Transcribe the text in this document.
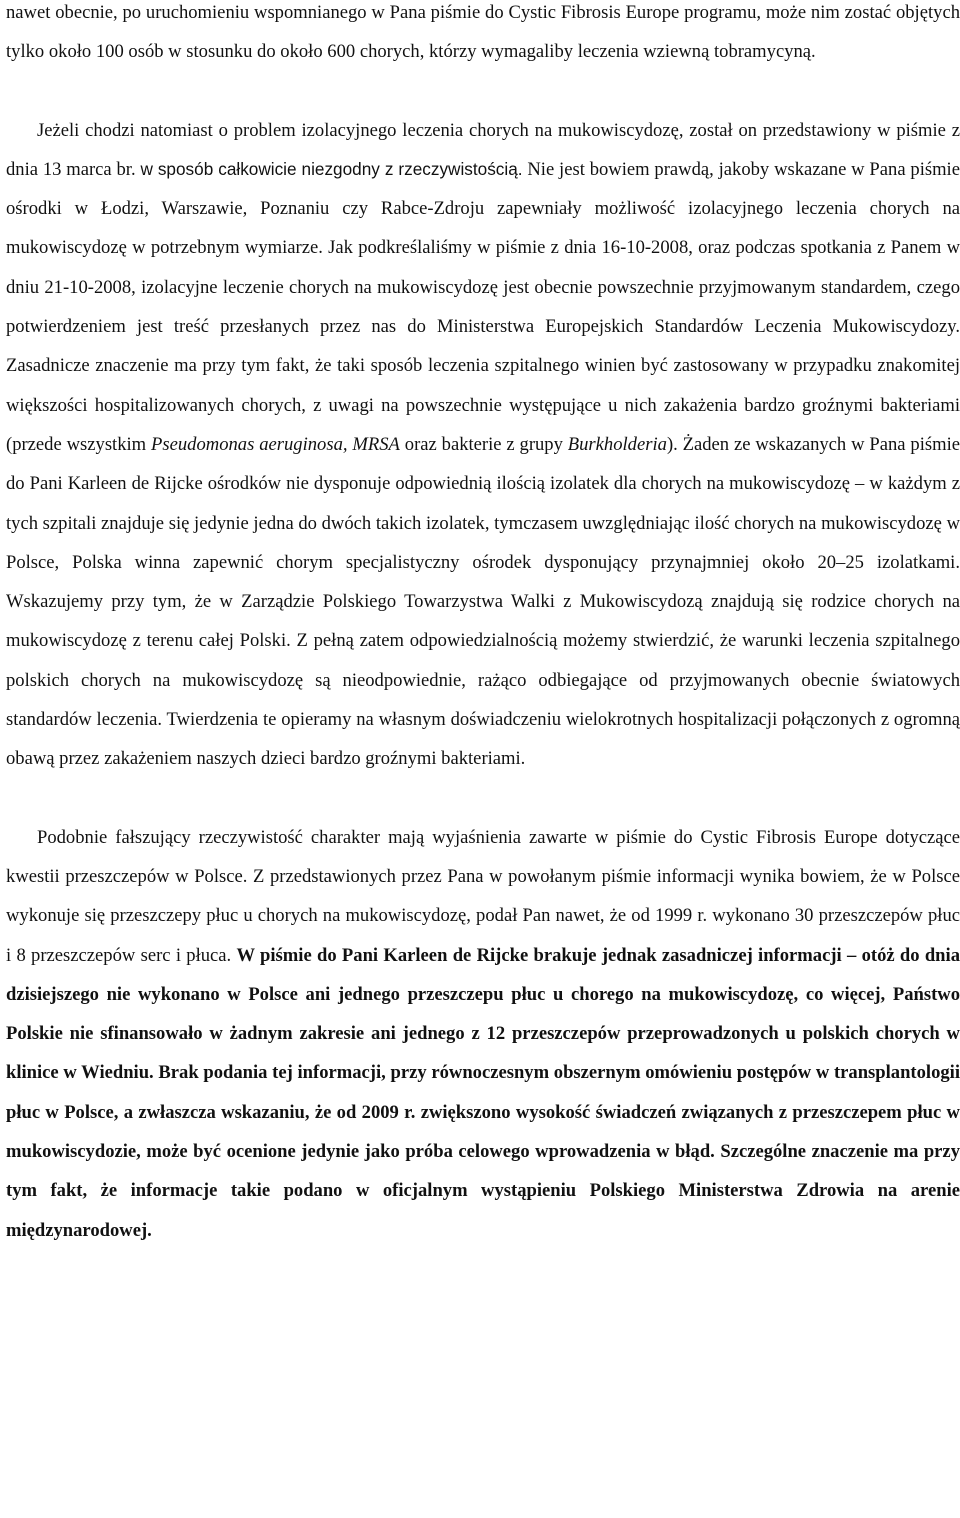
nawet obecnie, po uruchomieniu wspomnianego w Pana piśmie do Cystic Fibrosis Europe programu, może nim zostać objętych tylko około 100 osób w stosunku do około 600 chorych, którzy wymagaliby leczenia wziewną tobramycyną.

Jeżeli chodzi natomiast o problem izolacyjnego leczenia chorych na mukowiscydozę, został on przedstawiony w piśmie z dnia 13 marca br. w sposób całkowicie niezgodny z rzeczywistością. Nie jest bowiem prawdą, jakoby wskazane w Pana piśmie ośrodki w Łodzi, Warszawie, Poznaniu czy Rabce-Zdroju zapewniały możliwość izolacyjnego leczenia chorych na mukowiscydozę w potrzebnym wymiarze. Jak podkreślaliśmy w piśmie z dnia 16-10-2008, oraz podczas spotkania z Panem w dniu 21-10-2008, izolacyjne leczenie chorych na mukowiscydozę jest obecnie powszechnie przyjmowanym standardem, czego potwierdzeniem jest treść przesłanych przez nas do Ministerstwa Europejskich Standardów Leczenia Mukowiscydozy. Zasadnicze znaczenie ma przy tym fakt, że taki sposób leczenia szpitalnego winien być zastosowany w przypadku znakomitej większości hospitalizowanych chorych, z uwagi na powszechnie występujące u nich zakażenia bardzo groźnymi bakteriami (przede wszystkim Pseudomonas aeruginosa, MRSA oraz bakterie z grupy Burkholderia). Żaden ze wskazanych w Pana piśmie do Pani Karleen de Rijcke ośrodków nie dysponuje odpowiednią ilością izolatek dla chorych na mukowiscydozę – w każdym z tych szpitali znajduje się jedynie jedna do dwóch takich izolatek, tymczasem uwzględniając ilość chorych na mukowiscydozę w Polsce, Polska winna zapewnić chorym specjalistyczny ośrodek dysponujący przynajmniej około 20–25 izolatkami. Wskazujemy przy tym, że w Zarządzie Polskiego Towarzystwa Walki z Mukowiscydozą znajdują się rodzice chorych na mukowiscydozę z terenu całej Polski. Z pełną zatem odpowiedzialnością możemy stwierdzić, że warunki leczenia szpitalnego polskich chorych na mukowiscydozę są nieodpowiednie, rażąco odbiegające od przyjmowanych obecnie światowych standardów leczenia. Twierdzenia te opieramy na własnym doświadczeniu wielokrotnych hospitalizacji połączonych z ogromną obawą przez zakażeniem naszych dzieci bardzo groźnymi bakteriami.

Podobnie fałszujący rzeczywistość charakter mają wyjaśnienia zawarte w piśmie do Cystic Fibrosis Europe dotyczące kwestii przeszczepów w Polsce. Z przedstawionych przez Pana w powołanym piśmie informacji wynika bowiem, że w Polsce wykonuje się przeszczepy płuc u chorych na mukowiscydozę, podał Pan nawet, że od 1999 r. wykonano 30 przeszczepów płuc i 8 przeszczepów serc i płuca. W piśmie do Pani Karleen de Rijcke brakuje jednak zasadniczej informacji – otóż do dnia dzisiejszego nie wykonano w Polsce ani jednego przeszczepu płuc u chorego na mukowiscydozę, co więcej, Państwo Polskie nie sfinansowało w żadnym zakresie ani jednego z 12 przeszczepów przeprowadzonych u polskich chorych w klinice w Wiedniu. Brak podania tej informacji, przy równoczesnym obszernym omówieniu postępów w transplantologii płuc w Polsce, a zwłaszcza wskazaniu, że od 2009 r. zwiększono wysokość świadczeń związanych z przeszczepem płuc w mukowiscydozie, może być ocenione jedynie jako próba celowego wprowadzenia w błąd. Szczególne znaczenie ma przy tym fakt, że informacje takie podano w oficjalnym wystąpieniu Polskiego Ministerstwa Zdrowia na arenie międzynarodowej.
